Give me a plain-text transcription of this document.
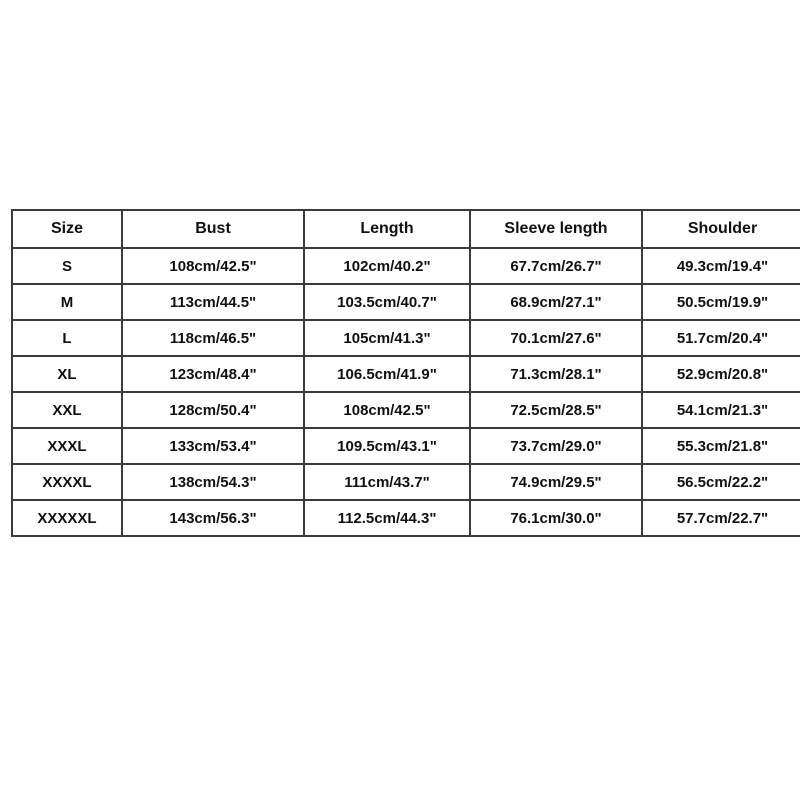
Size	Bust	Length	Sleeve length	Shoulder
S	108cm/42.5"	102cm/40.2"	67.7cm/26.7"	49.3cm/19.4"
M	113cm/44.5"	103.5cm/40.7"	68.9cm/27.1"	50.5cm/19.9"
L	118cm/46.5"	105cm/41.3"	70.1cm/27.6"	51.7cm/20.4"
XL	123cm/48.4"	106.5cm/41.9"	71.3cm/28.1"	52.9cm/20.8"
XXL	128cm/50.4"	108cm/42.5"	72.5cm/28.5"	54.1cm/21.3"
XXXL	133cm/53.4"	109.5cm/43.1"	73.7cm/29.0"	55.3cm/21.8"
XXXXL	138cm/54.3"	111cm/43.7"	74.9cm/29.5"	56.5cm/22.2"
XXXXXL	143cm/56.3"	112.5cm/44.3"	76.1cm/30.0"	57.7cm/22.7"
